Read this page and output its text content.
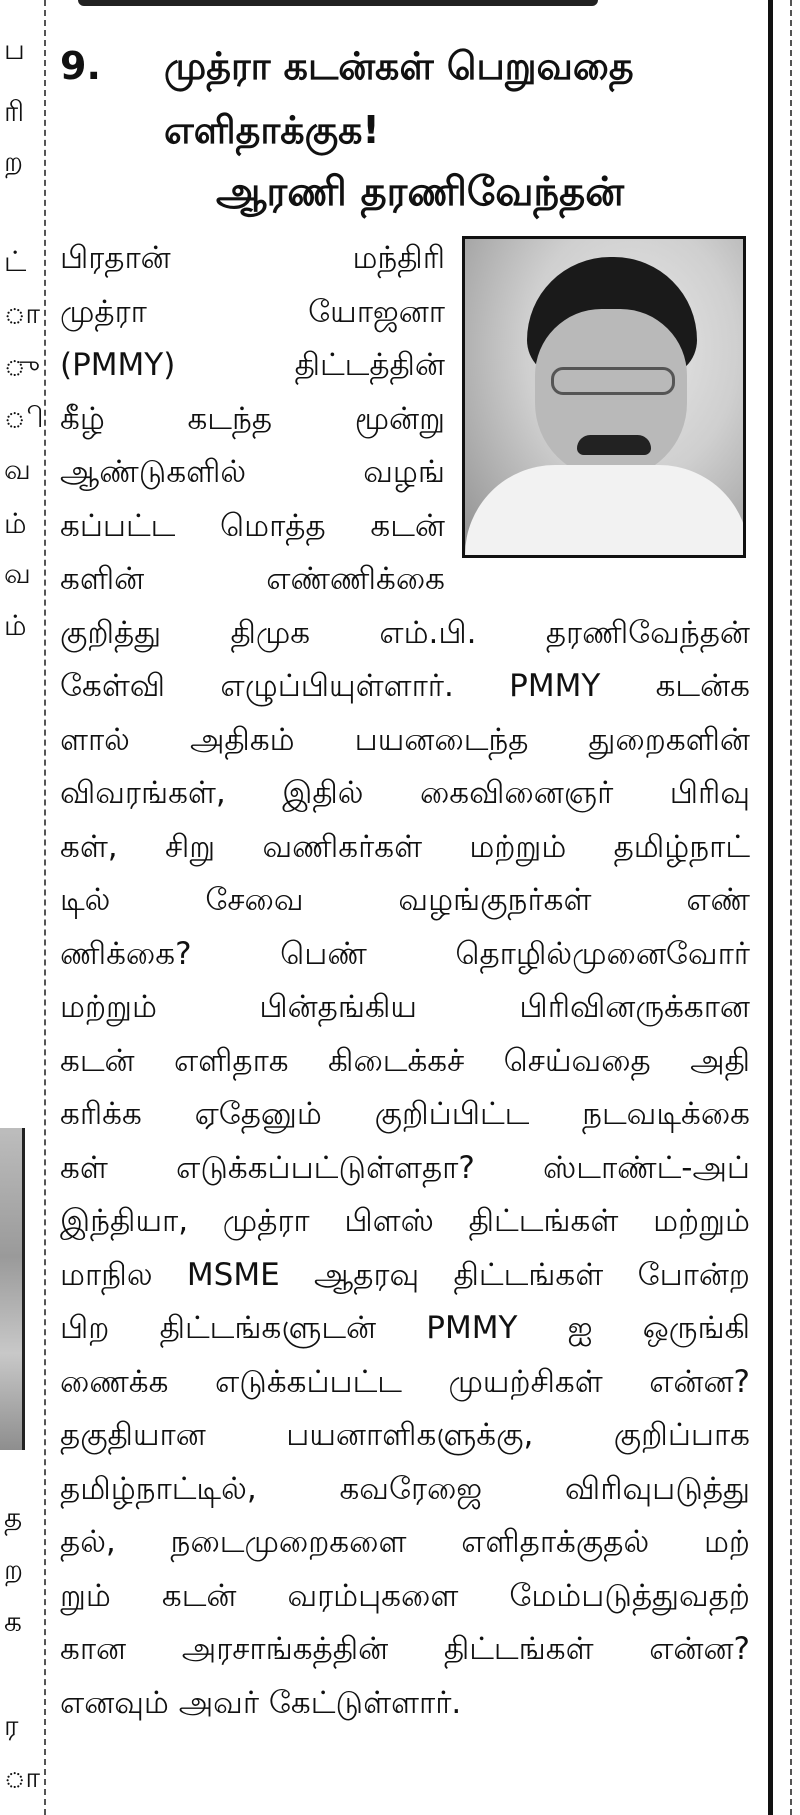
ப
ரி
ற
ட்
ா
ு
ி
வ
ம்
வ
ம்
த
ற
க
ர
ா
9. முத்ரா கடன்கள் பெறுவதை
எளிதாக்குக!
ஆரணி தரணிவேந்தன்
பிரதான் மந்திரி
முத்ரா யோஜனா
(PMMY) திட்டத்தின்
கீழ் கடந்த மூன்று
ஆண்டுகளில் வழங்
கப்பட்ட மொத்த கடன்
களின் எண்ணிக்கை
குறித்து திமுக எம்.பி. தரணிவேந்தன்
கேள்வி எழுப்பியுள்ளார். PMMY கடன்க
ளால் அதிகம் பயனடைந்த துறைகளின்
விவரங்கள், இதில் கைவினைஞர் பிரிவு
கள், சிறு வணிகர்கள் மற்றும் தமிழ்நாட்
டில் சேவை வழங்குநர்கள் எண்
ணிக்கை? பெண் தொழில்முனைவோர்
மற்றும் பின்தங்கிய பிரிவினருக்கான
கடன் எளிதாக கிடைக்கச் செய்வதை அதி
கரிக்க ஏதேனும் குறிப்பிட்ட நடவடிக்கை
கள் எடுக்கப்பட்டுள்ளதா? ஸ்டாண்ட்-அப்
இந்தியா, முத்ரா பிளஸ் திட்டங்கள் மற்றும்
மாநில MSME ஆதரவு திட்டங்கள் போன்ற
பிற திட்டங்களுடன் PMMY ஐ ஒருங்கி
ணைக்க எடுக்கப்பட்ட முயற்சிகள் என்ன?
தகுதியான பயனாளிகளுக்கு, குறிப்பாக
தமிழ்நாட்டில், கவரேஜை விரிவுபடுத்து
தல், நடைமுறைகளை எளிதாக்குதல் மற்
றும் கடன் வரம்புகளை மேம்படுத்துவதற்
கான அரசாங்கத்தின் திட்டங்கள் என்ன?
எனவும் அவர் கேட்டுள்ளார்.
